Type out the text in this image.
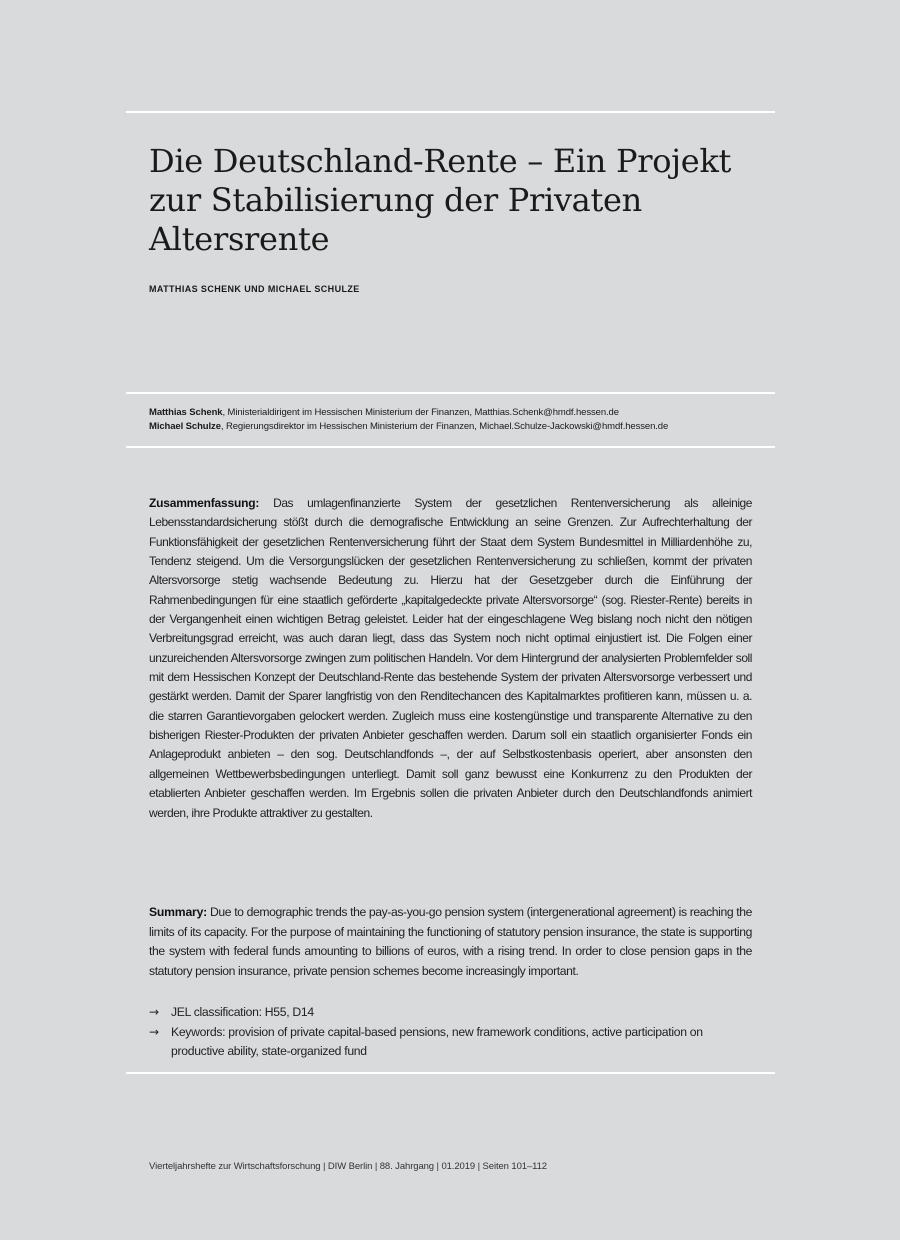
Die Deutschland-Rente – Ein Projekt zur Stabilisierung der Privaten Altersrente

MATTHIAS SCHENK UND MICHAEL SCHULZE

Matthias Schenk, Ministerialdirigent im Hessischen Ministerium der Finanzen, Matthias.Schenk@hmdf.hessen.de

Michael Schulze, Regierungsdirektor im Hessischen Ministerium der Finanzen, Michael.Schulze-Jackowski@hmdf.hessen.de

Zusammenfassung: Das umlagenfinanzierte System der gesetzlichen Rentenversicherung als alleinige Lebensstandardsicherung stößt durch die demografische Entwicklung an seine Grenzen. Zur Aufrechterhaltung der Funktionsfähigkeit der gesetzlichen Rentenversicherung führt der Staat dem System Bundesmittel in Milliardenhöhe zu, Tendenz steigend. Um die Versorgungslücken der gesetzlichen Rentenversicherung zu schließen, kommt der privaten Altersvorsorge stetig wachsende Bedeutung zu. Hierzu hat der Gesetzgeber durch die Einführung der Rahmenbedingungen für eine staatlich geförderte „kapitalgedeckte private Altersvorsorge“ (sog. Riester-Rente) bereits in der Vergangenheit einen wichtigen Betrag geleistet. Leider hat der eingeschlagene Weg bislang noch nicht den nötigen Verbreitungsgrad erreicht, was auch daran liegt, dass das System noch nicht optimal einjustiert ist. Die Folgen einer unzureichenden Altersvorsorge zwingen zum politischen Handeln. Vor dem Hintergrund der analysierten Problemfelder soll mit dem Hessischen Konzept der Deutschland-Rente das bestehende System der privaten Altersvorsorge verbessert und gestärkt werden. Damit der Sparer langfristig von den Renditechancen des Kapitalmarktes profitieren kann, müssen u. a. die starren Garantievorgaben gelockert werden. Zugleich muss eine kostengünstige und transparente Alternative zu den bisherigen Riester-Produkten der privaten Anbieter geschaffen werden. Darum soll ein staatlich organisierter Fonds ein Anlageprodukt anbieten – den sog. Deutschlandfonds –, der auf Selbstkostenbasis operiert, aber ansonsten den allgemeinen Wettbewerbsbedingungen unterliegt. Damit soll ganz bewusst eine Konkurrenz zu den Produkten der etablierten Anbieter geschaffen werden. Im Ergebnis sollen die privaten Anbieter durch den Deutschlandfonds animiert werden, ihre Produkte attraktiver zu gestalten.

Summary: Due to demographic trends the pay-as-you-go pension system (intergenerational agreement) is reaching the limits of its capacity. For the purpose of maintaining the functioning of statutory pension insurance, the state is supporting the system with federal funds amounting to billions of euros, with a rising trend. In order to close pension gaps in the statutory pension insurance, private pension schemes become increasingly important.

→ JEL classification: H55, D14
→ Keywords: provision of private capital-based pensions, new framework conditions, active participation on productive ability, state-organized fund

Vierteljahrshefte zur Wirtschaftsforschung | DIW Berlin | 88. Jahrgang | 01.2019 | Seiten 101–112
